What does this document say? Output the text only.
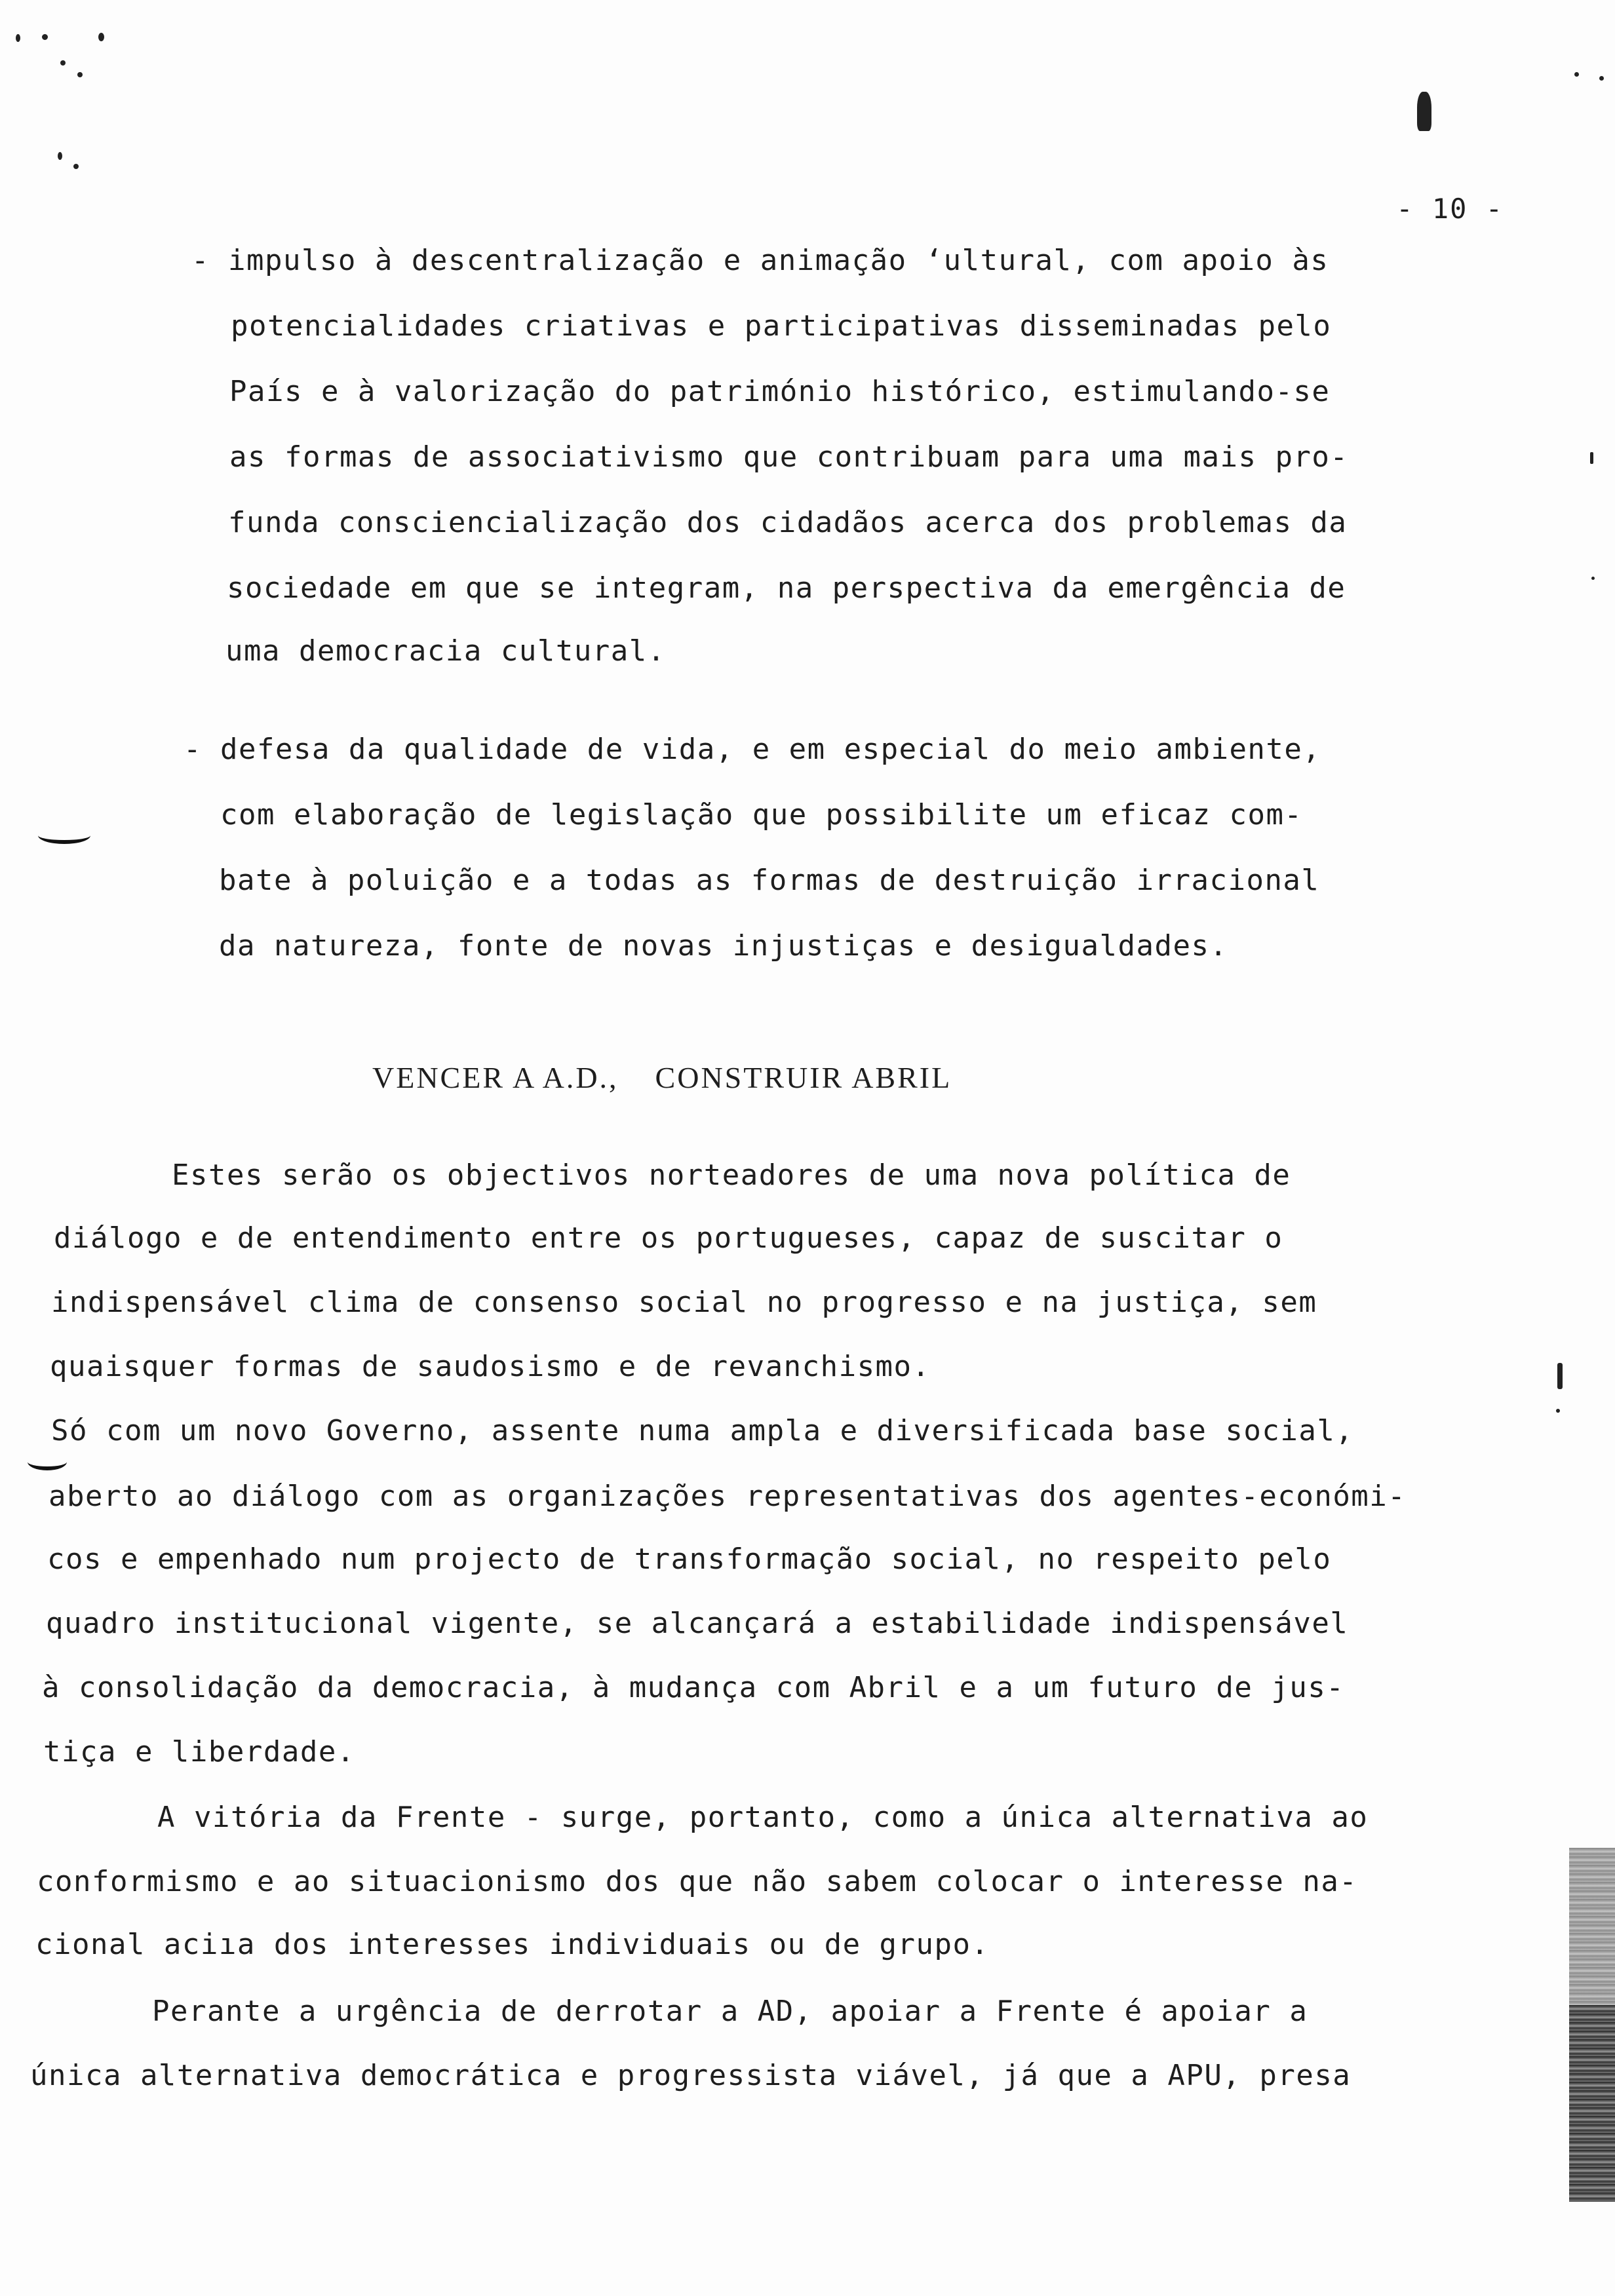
- 10 -
- impulso à descentralização e animação ʻultural, com apoio às
potencialidades criativas e participativas disseminadas pelo
País e à valorização do património histórico, estimulando-se
as formas de associativismo que contribuam para uma mais pro-
funda consciencialização dos cidadãos acerca dos problemas da
sociedade em que se integram, na perspectiva da emergência de
uma democracia cultural.
- defesa da qualidade de vida, e em especial do meio ambiente,
com elaboração de legislação que possibilite um eficaz com-
bate à poluição e a todas as formas de destruição irracional
da natureza, fonte de novas injustiças e desigualdades.
VENCER A A.D., CONSTRUIR ABRIL
Estes serão os objectivos norteadores de uma nova política de
diálogo e de entendimento entre os portugueses, capaz de suscitar o
indispensável clima de consenso social no progresso e na justiça, sem
quaisquer formas de saudosismo e de revanchismo.
Só com um novo Governo, assente numa ampla e diversificada base social,
aberto ao diálogo com as organizações representativas dos agentes-económi-
cos e empenhado num projecto de transformação social, no respeito pelo
quadro institucional vigente, se alcançará a estabilidade indispensável
à consolidação da democracia, à mudança com Abril e a um futuro de jus-
tiça e liberdade.
A vitória da Frente - surge, portanto, como a única alternativa ao
conformismo e ao situacionismo dos que não sabem colocar o interesse na-
cional aciıa dos interesses individuais ou de grupo.
Perante a urgência de derrotar a AD, apoiar a Frente é apoiar a
única alternativa democrática e progressista viável, já que a APU, presa
